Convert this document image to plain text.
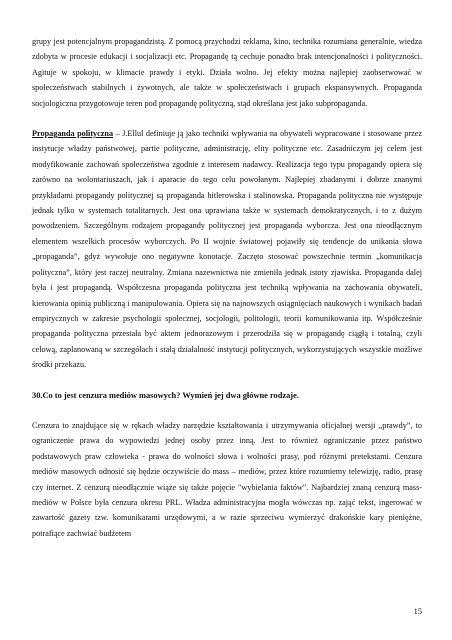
grupy jest potencjalnym propagandzistą. Z pomocą przychodzi reklama, kino, technika rozumiana generalnie, wiedza zdobyta w procesie edukacji i socjalizacji etc. Propagandę tą cechuje ponadto brak intencjonalności i polityczności. Agituje w spokoju, w klimacie prawdy i etyki. Działa wolno. Jej efekty można najlepiej zaobserwować w społeczeństwach stabilnych i żywotnych, ale także w społeczeństwach i grupach ekspansywnych. Propaganda socjologiczna przygotowuje teren pod propagandę polityczną, stąd określana jest jako subpropaganda.

Propaganda polityczna – J.Ellul definiuje ją jako techniki wpływania na obywateli wypracowane i stosowane przez instytucje władzy państwowej, partie polityczne, administrację, elity polityczne etc. Zasadniczym jej celem jest modyfikowanie zachowań społeczeństwa zgodnie z interesem nadawcy. Realizacja tego typu propagandy opiera się zarówno na wolontariuszach, jak i aparacie do tego celu powołanym. Najlepiej zbadanymi i dobrze znanymi przykładami propagandy politycznej są propaganda hitlerowska i stalinowska. Propaganda polityczna nie występuje jednak tylko w systemach totalitarnych. Jest ona uprawiana także w systemach demokratycznych, i to z dużym powodzeniem. Szczególnym rodzajem propagandy politycznej jest propaganda wyborcza. Jest ona nieodłącznym elementem wszelkich procesów wyborczych. Po II wojnie światowej pojawiły się tendencje do unikania słowa „propaganda”, gdyż wywołuje ono negatywne konotacje. Zaczęto stosować powszechnie termin „komunikacja polityczna”, który jest raczej neutralny. Zmiana nazewnictwa nie zmieniła jednak istoty zjawiska. Propaganda dalej była i jest propagandą. Współczesna propaganda polityczna jest techniką wpływania na zachowania obywateli, kierowania opinią publiczną i manipulowania. Opiera się na najnowszych osiągnięciach naukowych i wynikach badań empirycznych w zakresie psychologii społecznej, socjologii, politologii, teorii komunikowania itp. Współcześnie propaganda polityczna przestała być aktem jednorazowym i przerodziła się w propagandę ciągłą i totalną, czyli celową, zaplanowaną w szczegółach i stałą działalność instytucji politycznych, wykorzystujących wszystkie możliwe środki przekazu.

30.Co to jest cenzura mediów masowych? Wymień jej dwa główne rodzaje.

Cenzura to znajdujące się w rękach władzy narzędzie kształtowania i utrzymywania oficjalnej wersji „prawdy”, to ograniczenie prawa do wypowiedzi jednej osoby przez inną. Jest to również ograniczanie przez państwo podstawowych praw człowieka - prawa do wolności słowa i wolności prasy, pod różnymi pretekstami. Cenzura mediów masowych odnosić się będzie oczywiście do mass – mediów, przez które rozumiemy telewizję, radio, prasę czy internet. Z cenzurą nieodłącznie wiąże się także pojęcie "wybielania faktów". Najbardziej znaną cenzurą mass-mediów w Polsce była cenzura okresu PRL. Władza administracyjna mogła wówczas np. zająć tekst, ingerować w zawartość gazety tzw. komunikatami urzędowymi, a w razie sprzeciwu wymierzyć drakońskie kary pieniężne, potrafiące zachwiać budżetem

15
